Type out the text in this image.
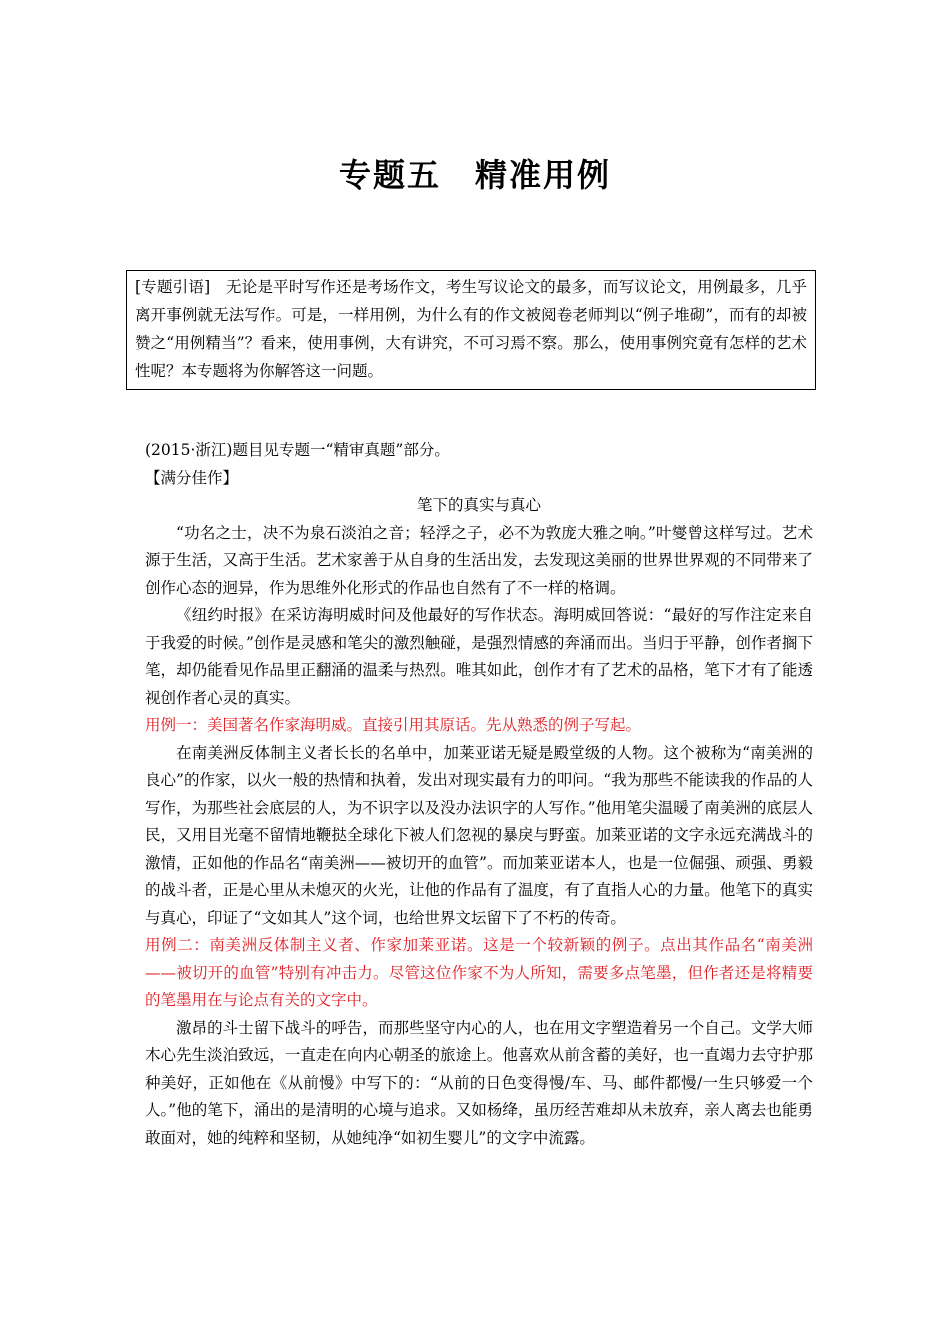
专题五　精准用例
[专题引语]　无论是平时写作还是考场作文，考生写议论文的最多，而写议论文，用例最多，几乎离开事例就无法写作。可是，一样用例，为什么有的作文被阅卷老师判以“例子堆砌”，而有的却被赞之“用例精当”？看来，使用事例，大有讲究，不可习焉不察。那么，使用事例究竟有怎样的艺术性呢？本专题将为你解答这一问题。

(2015·浙江)题目见专题一“精审真题”部分。

【满分佳作】

笔下的真实与真心

“功名之士，决不为泉石淡泊之音；轻浮之子，必不为敦庞大雅之响。”叶燮曾这样写过。艺术源于生活，又高于生活。艺术家善于从自身的生活出发，去发现这美丽的世界世界观的不同带来了创作心态的迥异，作为思维外化形式的作品也自然有了不一样的格调。

《纽约时报》在采访海明威时问及他最好的写作状态。海明威回答说：“最好的写作注定来自于我爱的时候。”创作是灵感和笔尖的激烈触碰，是强烈情感的奔涌而出。当归于平静，创作者搁下笔，却仍能看见作品里正翻涌的温柔与热烈。唯其如此，创作才有了艺术的品格，笔下才有了能透视创作者心灵的真实。

用例一：美国著名作家海明威。直接引用其原话。先从熟悉的例子写起。

在南美洲反体制主义者长长的名单中，加莱亚诺无疑是殿堂级的人物。这个被称为“南美洲的良心”的作家，以火一般的热情和执着，发出对现实最有力的叩问。“我为那些不能读我的作品的人写作，为那些社会底层的人，为不识字以及没办法识字的人写作。”他用笔尖温暖了南美洲的底层人民，又用目光毫不留情地鞭挞全球化下被人们忽视的暴戾与野蛮。加莱亚诺的文字永远充满战斗的激情，正如他的作品名“南美洲——被切开的血管”。而加莱亚诺本人，也是一位倔强、顽强、勇毅的战斗者，正是心里从未熄灭的火光，让他的作品有了温度，有了直指人心的力量。他笔下的真实与真心，印证了“文如其人”这个词，也给世界文坛留下了不朽的传奇。

用例二：南美洲反体制主义者、作家加莱亚诺。这是一个较新颖的例子。点出其作品名“南美洲——被切开的血管”特别有冲击力。尽管这位作家不为人所知，需要多点笔墨，但作者还是将精要的笔墨用在与论点有关的文字中。

激昂的斗士留下战斗的呼告，而那些坚守内心的人，也在用文字塑造着另一个自己。文学大师木心先生淡泊致远，一直走在向内心朝圣的旅途上。他喜欢从前含蓄的美好，也一直竭力去守护那种美好，正如他在《从前慢》中写下的：“从前的日色变得慢/车、马、邮件都慢/一生只够爱一个人。”他的笔下，涌出的是清明的心境与追求。又如杨绛，虽历经苦难却从未放弃，亲人离去也能勇敢面对，她的纯粹和坚韧，从她纯净“如初生婴儿”的文字中流露。
